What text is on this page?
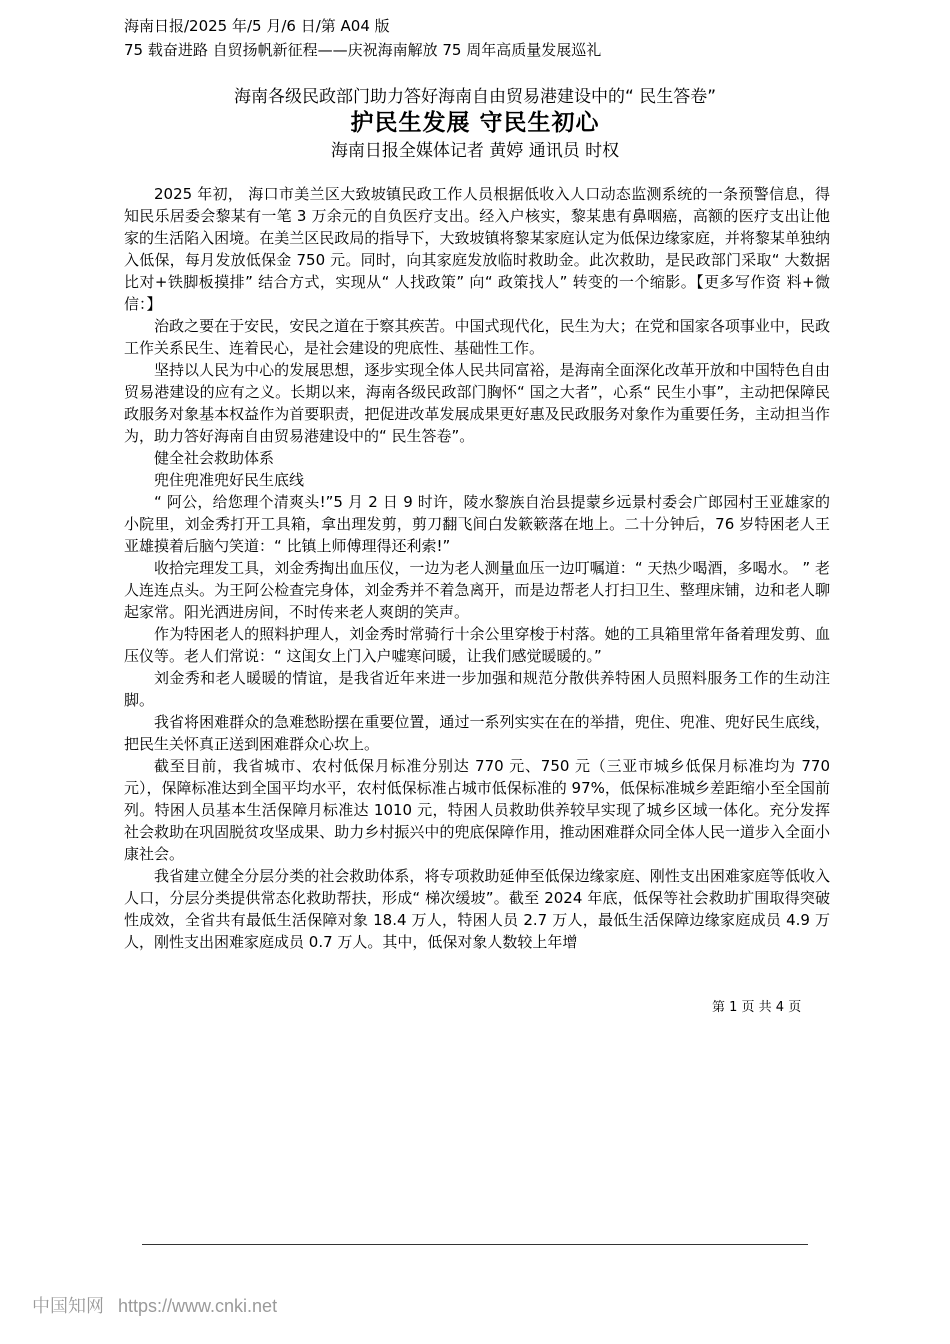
海南日报/2025 年/5 月/6 日/第 A04 版
75 载奋进路 自贸扬帆新征程——庆祝海南解放 75 周年高质量发展巡礼
海南各级民政部门助力答好海南自由贸易港建设中的“ 民生答卷”
护民生发展 守民生初心
海南日报全媒体记者 黄婷 通讯员 时权

2025 年初， 海口市美兰区大致坡镇民政工作人员根据低收入人口动态监测系统的一条预警信息，得知民乐居委会黎某有一笔 3 万余元的自负医疗支出。经入户核实，黎某患有鼻咽癌，高额的医疗支出让他家的生活陷入困境。在美兰区民政局的指导下，大致坡镇将黎某家庭认定为低保边缘家庭，并将黎某单独纳入低保，每月发放低保金 750 元。同时，向其家庭发放临时救助金。此次救助，是民政部门采取“ 大数据比对+铁脚板摸排” 结合方式，实现从“ 人找政策” 向“ 政策找人” 转变的一个缩影。【更多写作资 料+微信：】

治政之要在于安民，安民之道在于察其疾苦。中国式现代化，民生为大；在党和国家各项事业中，民政工作关系民生、连着民心，是社会建设的兜底性、基础性工作。

坚持以人民为中心的发展思想，逐步实现全体人民共同富裕，是海南全面深化改革开放和中国特色自由贸易港建设的应有之义。长期以来，海南各级民政部门胸怀“ 国之大者”，心系“ 民生小事”，主动把保障民政服务对象基本权益作为首要职责，把促进改革发展成果更好惠及民政服务对象作为重要任务，主动担当作为，助力答好海南自由贸易港建设中的“ 民生答卷”。

健全社会救助体系

兜住兜准兜好民生底线

“ 阿公，给您理个清爽头!”5 月 2 日 9 时许，陵水黎族自治县提蒙乡远景村委会广郎园村王亚雄家的小院里，刘金秀打开工具箱，拿出理发剪，剪刀翻飞间白发簌簌落在地上。二十分钟后，76 岁特困老人王亚雄摸着后脑勺笑道：“ 比镇上师傅理得还利索!”

收拾完理发工具，刘金秀掏出血压仪，一边为老人测量血压一边叮嘱道：“ 天热少喝酒，多喝水。 ” 老人连连点头。为王阿公检查完身体，刘金秀并不着急离开，而是边帮老人打扫卫生、整理床铺，边和老人聊起家常。阳光洒进房间，不时传来老人爽朗的笑声。

作为特困老人的照料护理人，刘金秀时常骑行十余公里穿梭于村落。她的工具箱里常年备着理发剪、血压仪等。老人们常说：“ 这闺女上门入户嘘寒问暖，让我们感觉暖暖的。”

刘金秀和老人暖暖的情谊，是我省近年来进一步加强和规范分散供养特困人员照料服务工作的生动注脚。

我省将困难群众的急难愁盼摆在重要位置，通过一系列实实在在的举措，兜住、兜准、兜好民生底线，把民生关怀真正送到困难群众心坎上。

截至目前，我省城市、农村低保月标准分别达 770 元、750 元（三亚市城乡低保月标准均为 770 元），保障标准达到全国平均水平，农村低保标准占城市低保标准的 97%，低保标准城乡差距缩小至全国前列。特困人员基本生活保障月标准达 1010 元，特困人员救助供养较早实现了城乡区域一体化。充分发挥社会救助在巩固脱贫攻坚成果、助力乡村振兴中的兜底保障作用，推动困难群众同全体人民一道步入全面小康社会。

我省建立健全分层分类的社会救助体系，将专项救助延伸至低保边缘家庭、刚性支出困难家庭等低收入人口，分层分类提供常态化救助帮扶，形成“ 梯次缓坡”。截至 2024 年底，低保等社会救助扩围取得突破性成效，全省共有最低生活保障对象 18.4 万人，特困人员 2.7 万人，最低生活保障边缘家庭成员 4.9 万人，刚性支出困难家庭成员 0.7 万人。其中，低保对象人数较上年增

第 1 页 共 4 页
中国知网 https://www.cnki.net
